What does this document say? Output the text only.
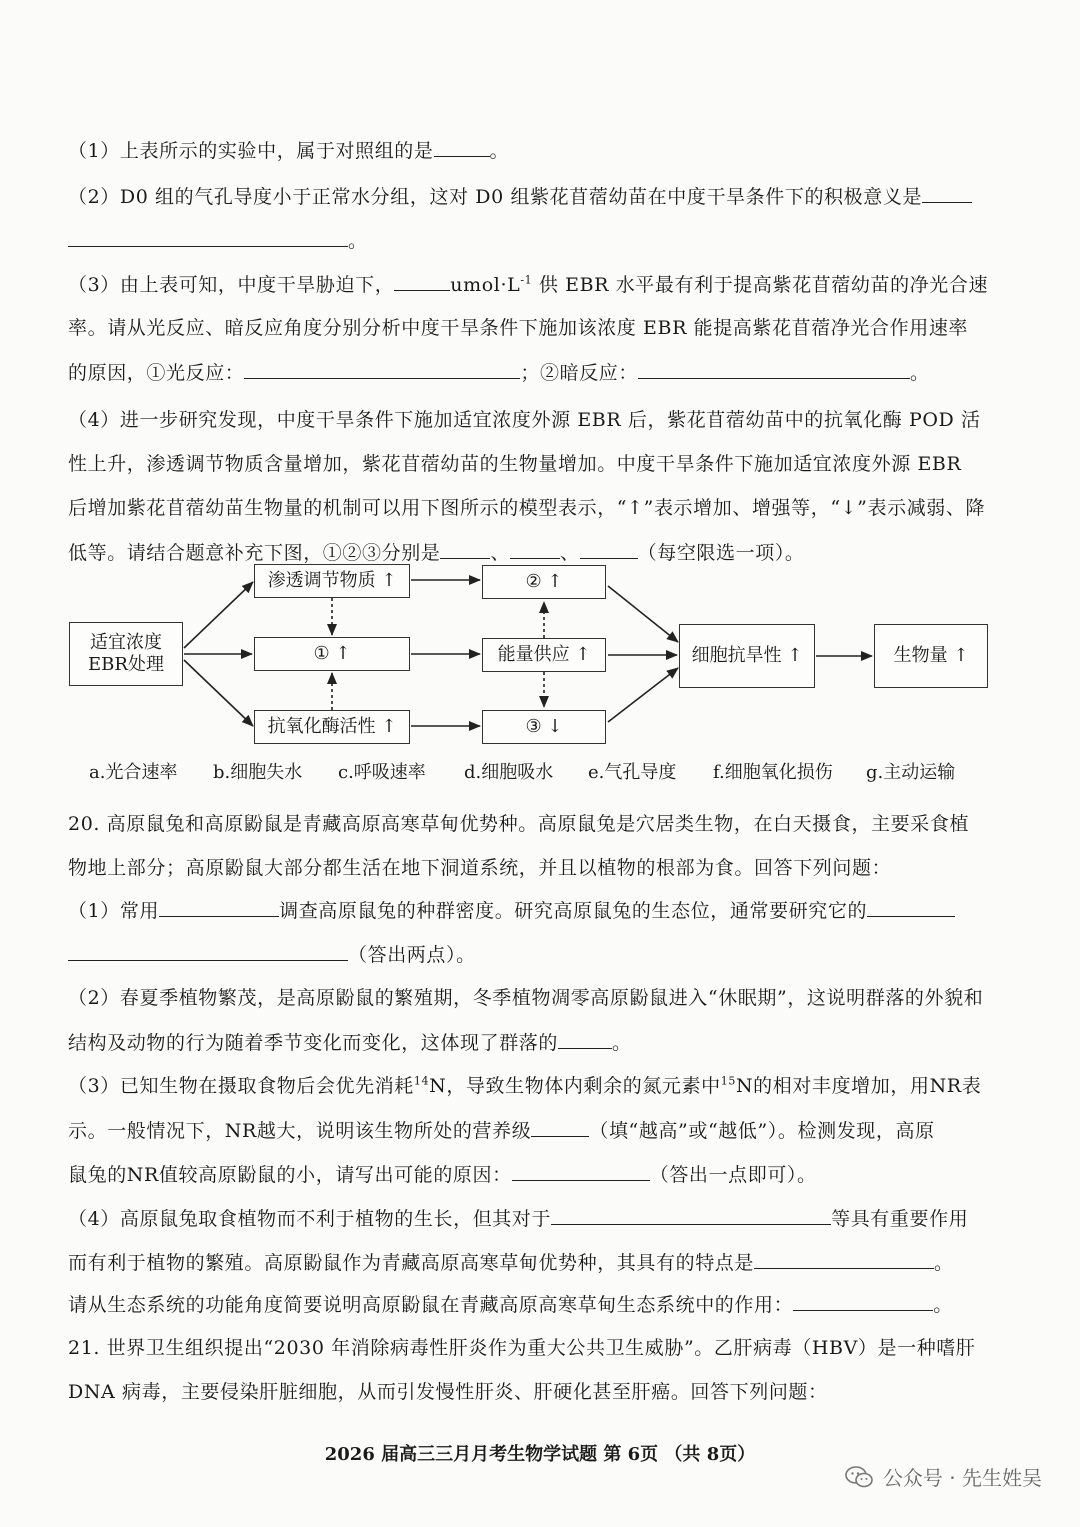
（1）上表所示的实验中，属于对照组的是	。
（2）D0 组的气孔导度小于正常水分组，这对 D0 组紫花苜蓿幼苗在中度干旱条件下的积极意义是
。
（3）由上表可知，中度干旱胁迫下，	$umol\cdot L^{-1}$ 供 EBR 水平最有利于提高紫花苜蓿幼苗的净光合速
率。请从光反应、暗反应角度分别分析中度干旱条件下施加该浓度 EBR 能提高紫花苜蓿净光合作用速率
的原因，①光反应：	；②暗反应：	。
（4）进一步研究发现，中度干旱条件下施加适宜浓度外源 EBR 后，紫花苜蓿幼苗中的抗氧化酶 POD 活
性上升，渗透调节物质含量增加，紫花苜蓿幼苗的生物量增加。中度干旱条件下施加适宜浓度外源 EBR
后增加紫花苜蓿幼苗生物量的机制可以用下图所示的模型表示，“↑”表示增加、增强等，“↓”表示减弱、降
低等。请结合题意补充下图，①②③分别是	、	、	（每空限选一项）。
适宜浓度
EBR处理
渗透调节物质 ↑
① ↑
抗氧化酶活性 ↑
② ↑
能量供应 ↑
③ ↓
细胞抗旱性 ↑	生物量 ↑
a.光合速率 b.细胞失水 c.呼吸速率 d.细胞吸水 e.气孔导度 f.细胞氧化损伤 g.主动运输
20. 高原鼠兔和高原鼢鼠是青藏高原高寒草甸优势种。高原鼠兔是穴居类生物，在白天摄食，主要采食植
物地上部分；高原鼢鼠大部分都生活在地下洞道系统，并且以植物的根部为食。回答下列问题：
（1）常用	调查高原鼠兔的种群密度。研究高原鼠兔的生态位，通常要研究它的
（答出两点）。
（2）春夏季植物繁茂，是高原鼢鼠的繁殖期，冬季植物凋零高原鼢鼠进入“休眠期”，这说明群落的外貌和
结构及动物的行为随着季节变化而变化，这体现了群落的	。
（3）已知生物在摄取食物后会优先消耗$^{14}$N，导致生物体内剩余的氮元素中$^{15}$N的相对丰度增加，用NR表
示。一般情况下，NR越大，说明该生物所处的营养级	（填“越高”或“越低”）。检测发现，高原
鼠兔的NR值较高原鼢鼠的小，请写出可能的原因：	（答出一点即可）。
（4）高原鼠兔取食植物而不利于植物的生长，但其对于	等具有重要作用
而有利于植物的繁殖。高原鼢鼠作为青藏高原高寒草甸优势种，其具有的特点是	。
请从生态系统的功能角度简要说明高原鼢鼠在青藏高原高寒草甸生态系统中的作用：	。
21. 世界卫生组织提出“2030 年消除病毒性肝炎作为重大公共卫生威胁”。乙肝病毒（HBV）是一种嗜肝
DNA 病毒，主要侵染肝脏细胞，从而引发慢性肝炎、肝硬化甚至肝癌。回答下列问题：
2026 届高三三月月考生物学试题 第 6页 （共 8页）
公众号 · 先生姓吴
